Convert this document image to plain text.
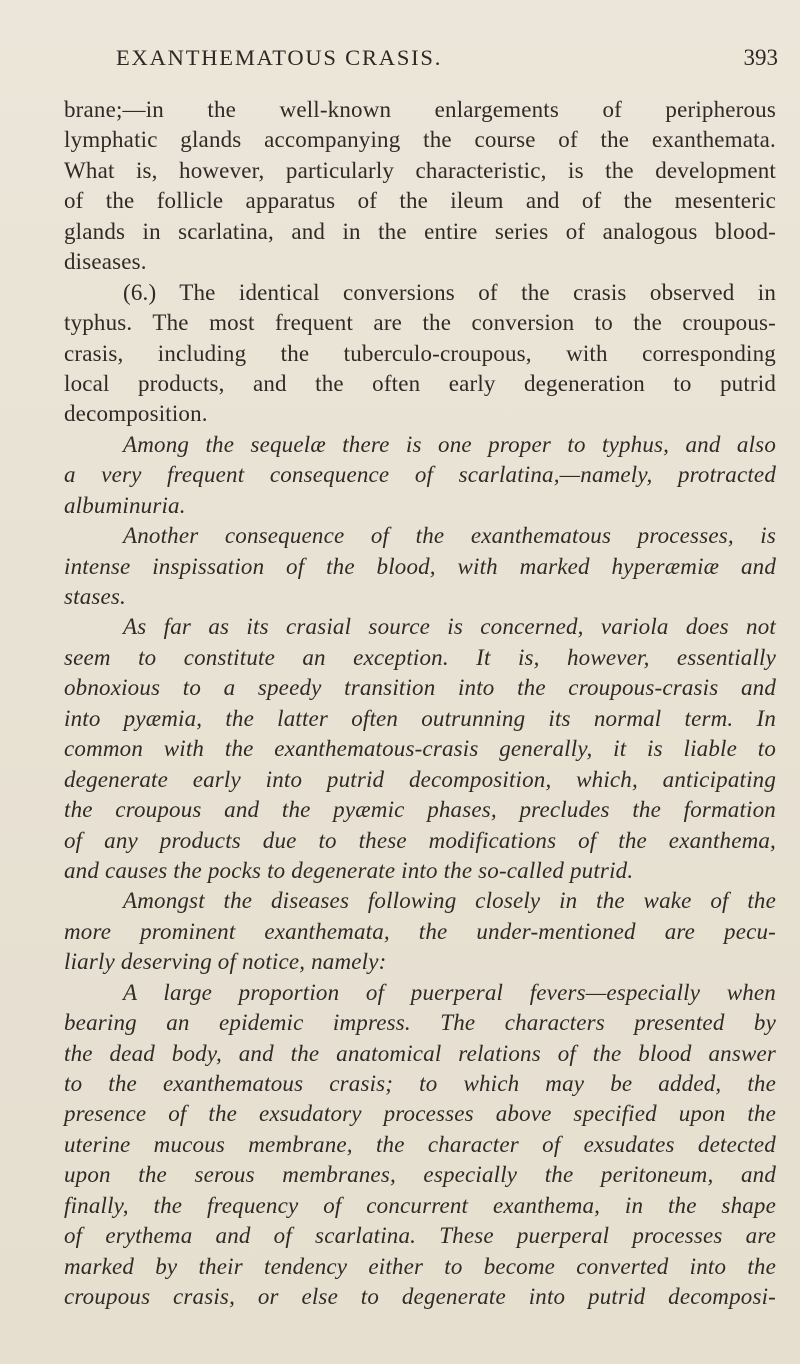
EXANTHEMATOUS CRASIS.	393
brane;—in the well-known enlargements of peripherous
lymphatic glands accompanying the course of the exanthemata.
What is, however, particularly characteristic, is the development
of the follicle apparatus of the ileum and of the mesenteric
glands in scarlatina, and in the entire series of analogous blood-
diseases.
(6.) The identical conversions of the crasis observed in
typhus. The most frequent are the conversion to the croupous-
crasis, including the tuberculo-croupous, with corresponding
local products, and the often early degeneration to putrid
decomposition.
Among the sequelæ there is one proper to typhus, and also
a very frequent consequence of scarlatina,—namely, protracted
albuminuria.
Another consequence of the exanthematous processes, is
intense inspissation of the blood, with marked hyperæmiæ and
stases.
As far as its crasial source is concerned, variola does not
seem to constitute an exception. It is, however, essentially
obnoxious to a speedy transition into the croupous-crasis and
into pyæmia, the latter often outrunning its normal term. In
common with the exanthematous-crasis generally, it is liable to
degenerate early into putrid decomposition, which, anticipating
the croupous and the pyæmic phases, precludes the formation
of any products due to these modifications of the exanthema,
and causes the pocks to degenerate into the so-called putrid.
Amongst the diseases following closely in the wake of the
more prominent exanthemata, the under-mentioned are pecu-
liarly deserving of notice, namely:
A large proportion of puerperal fevers—especially when
bearing an epidemic impress. The characters presented by
the dead body, and the anatomical relations of the blood answer
to the exanthematous crasis; to which may be added, the
presence of the exsudatory processes above specified upon the
uterine mucous membrane, the character of exsudates detected
upon the serous membranes, especially the peritoneum, and
finally, the frequency of concurrent exanthema, in the shape
of erythema and of scarlatina. These puerperal processes are
marked by their tendency either to become converted into the
croupous crasis, or else to degenerate into putrid decomposi-
